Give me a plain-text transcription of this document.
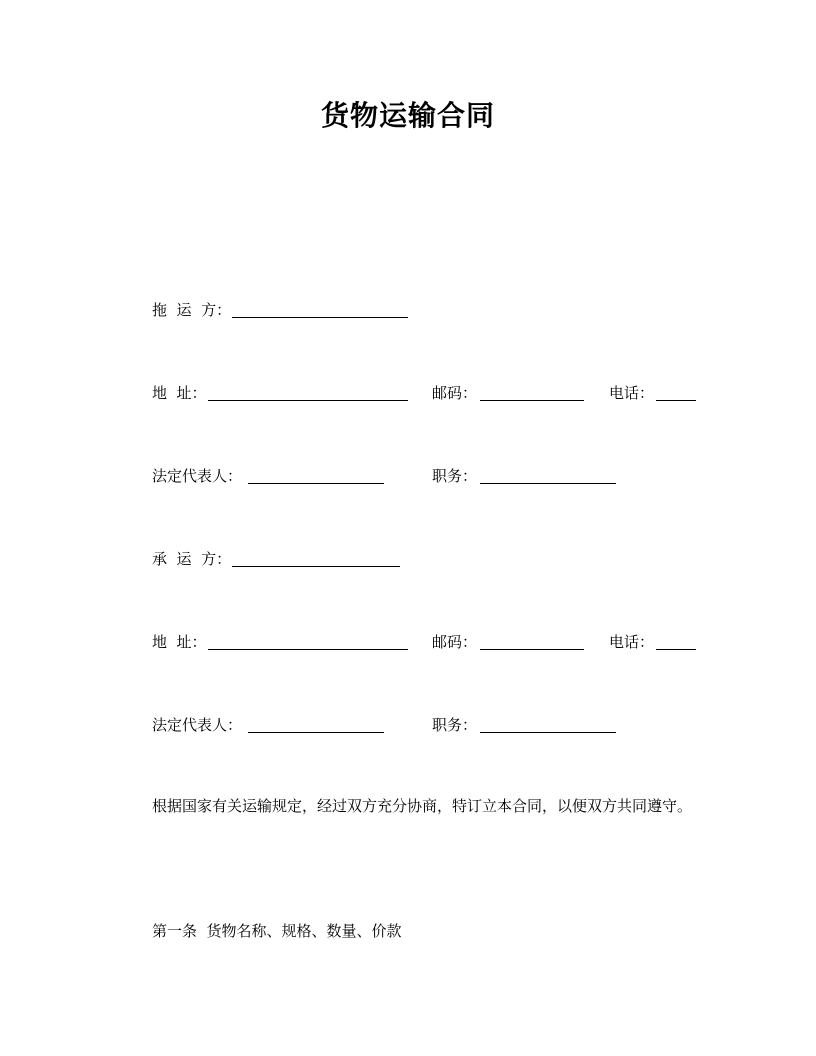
货物运输合同
拖  运  方：
地  址：	邮码：	电话：
法定代表人：	职务：
承  运  方：
地  址：	邮码：	电话：
法定代表人：	职务：

根据国家有关运输规定，经过双方充分协商，特订立本合同，以便双方共同遵守。

第一条  货物名称、规格、数量、价款
